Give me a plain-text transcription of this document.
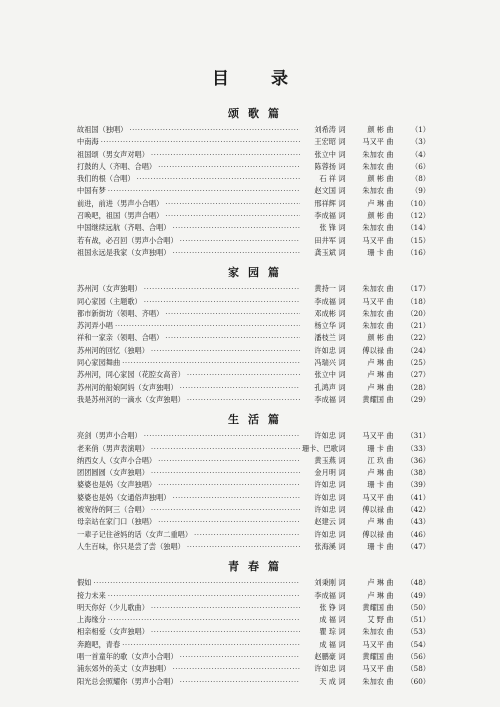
目 录
颂歌篇
故祖国（独唱） ·····	刘希涛 词	颜 彬 曲	（1）
中南海 ·····	王宏昭 词	马又平 曲	（3）
祖国颂（男女声对唱） ·····	张立中 词	朱加农 曲	（4）
打鼓的人（齐唱、合唱） ·····	陈蓉扬 词	朱加农 曲	（6）
我们的根（合唱） ·····	石 祥 词	颜 彬 曲	（8）
中国有梦 ·····	赵文国 词	朱加农 曲	（9）
前进，前进（男声小合唱） ·····	邢祥辉 词	卢 琳 曲	（10）
召唤吧，祖国（男声合唱） ·····	李成福 词	颜 彬 曲	（12）
中国继续远航（齐唱、合唱） ·····	张 锋 词	朱加农 曲	（14）
若有战，必召回（男声小合唱） ·····	田井军 词	马又平 曲	（15）
祖国永远是我家（女声独唱） ·····	龚玉斌 词	珊 卡 曲	（16）
家园篇
苏州河（女声独唱） ·····	黄持一 词	朱加农 曲	（17）
同心家园（主题歌） ·····	李成福 词	马又平 曲	（18）
都市新街坊（领唱、齐唱） ·····	邓成彬 词	朱加农 曲	（20）
苏河弄小唱 ·····	杨立华 词	朱加农 曲	（21）
祥和一家亲（领唱、合唱） ·····	潘枝兰 词	颜 彬 曲	（22）
苏州河的回忆（独唱） ·····	许如忠 词	傅以禄 曲	（24）
同心家园舞曲 ·····	冯瑞兴 词	卢 琳 曲	（25）
苏州河，同心家园（花腔女高音） ·····	张立中 词	卢 琳 曲	（27）
苏州河的船娘阿妈（女声独唱） ·····	孔鸿声 词	卢 琳 曲	（28）
我是苏州河的一滴水（女声独唱） ·····	李成福 词	黄耀国 曲	（29）
生活篇
亮剑（男声小合唱） ·····	许如忠 词	马又平 曲	（31）
老来俏（男声表演唱） ·····	珊卡、巴歌 词	珊 卡 曲	（33）
纳西女人（女声小合唱） ·····	黄玉燕 词	江 玖 曲	（36）
团团圆圆（女声独唱） ·····	金月明 词	卢 琳 曲	（38）
婆婆也是妈（女声独唱） ·····	许如忠 词	珊 卡 曲	（39）
婆婆也是妈（女通俗声独唱） ·····	许如忠 词	马又平 曲	（41）
被宽待的阿三（合唱） ·····	许如忠 词	傅以禄 曲	（42）
母亲站在家门口（独唱） ·····	赵建云 词	卢 琳 曲	（43）
一辈子记住爸妈的话（女声二重唱） ·····	许如忠 词	傅以禄 曲	（46）
人生百味，你只是尝了尝（独唱） ·····	张海溪 词	珊 卡 曲	（47）
青春篇
假如 ·····	刘秉刚 词	卢 琳 曲	（48）
接力未来 ·····	李成福 词	卢 琳 曲	（49）
明天你好（少儿歌曲） ·····	张 铮 词	黄耀国 曲	（50）
上海缘分 ·····	成 福 词	艾 野 曲	（51）
相亲相爱（女声独唱） ·····	瞿 琮 词	朱加农 曲	（53）
奔跑吧，青春 ·····	成 福 词	马又平 曲	（54）
唱一首童年的歌（女声小合唱） ·····	赵鹏豪 词	黄耀国 曲	（56）
浦东郊外的美丈（女声独唱） ·····	许如忠 词	马又平 曲	（58）
阳光总会照耀你（男声小合唱） ·····	天 成 词	朱加农 曲	（60）
